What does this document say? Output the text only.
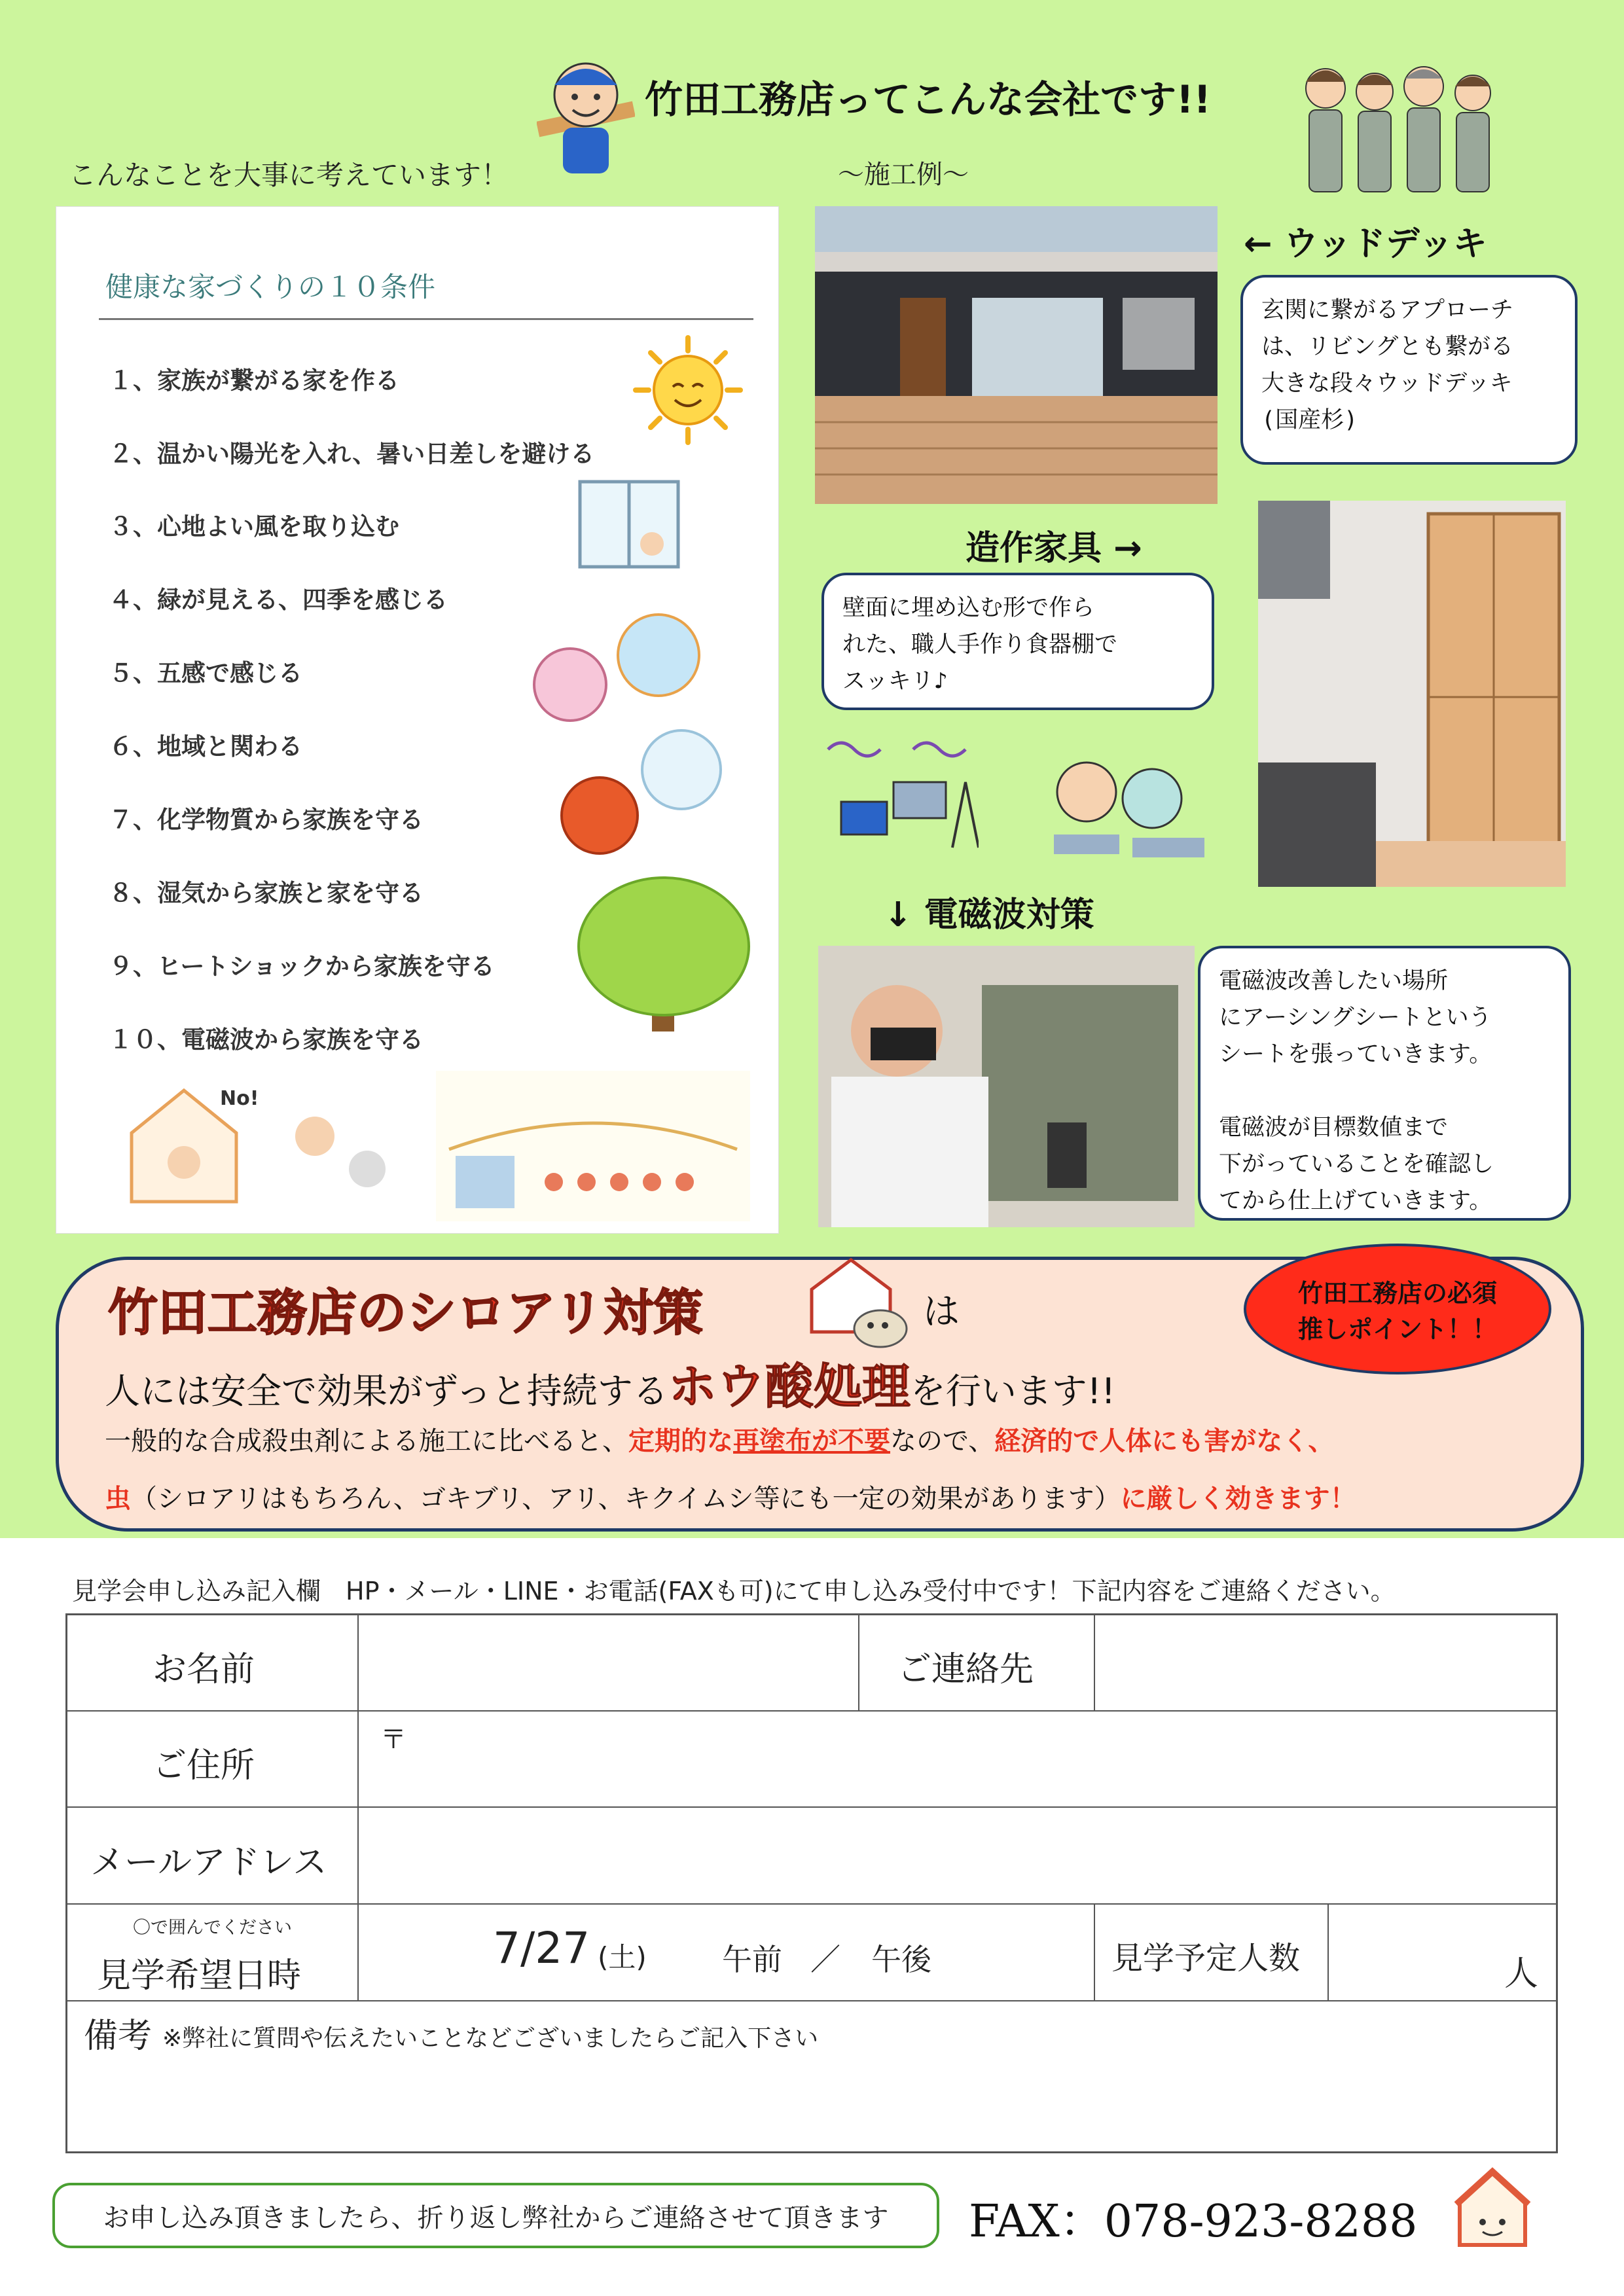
竹田工務店ってこんな会社です!!
こんなことを大事に考えています！	～施工例～
健康な家づくりの１０条件
１、家族が繋がる家を作る
２、温かい陽光を入れ、暑い日差しを避ける
３、心地よい風を取り込む
４、緑が見える、四季を感じる
５、五感で感じる
６、地域と関わる
７、化学物質から家族を守る
８、湿気から家族と家を守る
９、ヒートショックから家族を守る
１０、電磁波から家族を守る
No!
← ウッドデッキ
玄関に繋がるアプローチ
は、リビングとも繋がる
大きな段々ウッドデッキ
(国産杉)
造作家具 →
壁面に埋め込む形で作ら
れた、職人手作り食器棚で
スッキリ♪
↓ 電磁波対策
電磁波改善したい場所
にアーシングシートという
シートを張っていきます。

電磁波が目標数値まで
下がっていることを確認し
てから仕上げていきます。
竹田工務店のシロアリ対策	は
人には安全で効果がずっと持続するホウ酸処理を行います!!
一般的な合成殺虫剤による施工に比べると、定期的な再塗布が不要なので、経済的で人体にも害がなく、
虫（シロアリはもちろん、ゴキブリ、アリ、キクイムシ等にも一定の効果があります）に厳しく効きます！
竹田工務店の必須
推しポイント！！
見学会申し込み記入欄　HP・メール・LINE・お電話(FAXも可)にて申し込み受付中です！下記内容をご連絡ください。
お名前	ご連絡先
ご住所
〒
メールアドレス
〇で囲んでください
見学希望日時
7/27 (土)	午前 ／ 午後	見学予定人数	人
備考 ※弊社に質問や伝えたいことなどございましたらご記入下さい
お申し込み頂きましたら、折り返し弊社からご連絡させて頂きます	FAX：078-923-8288
